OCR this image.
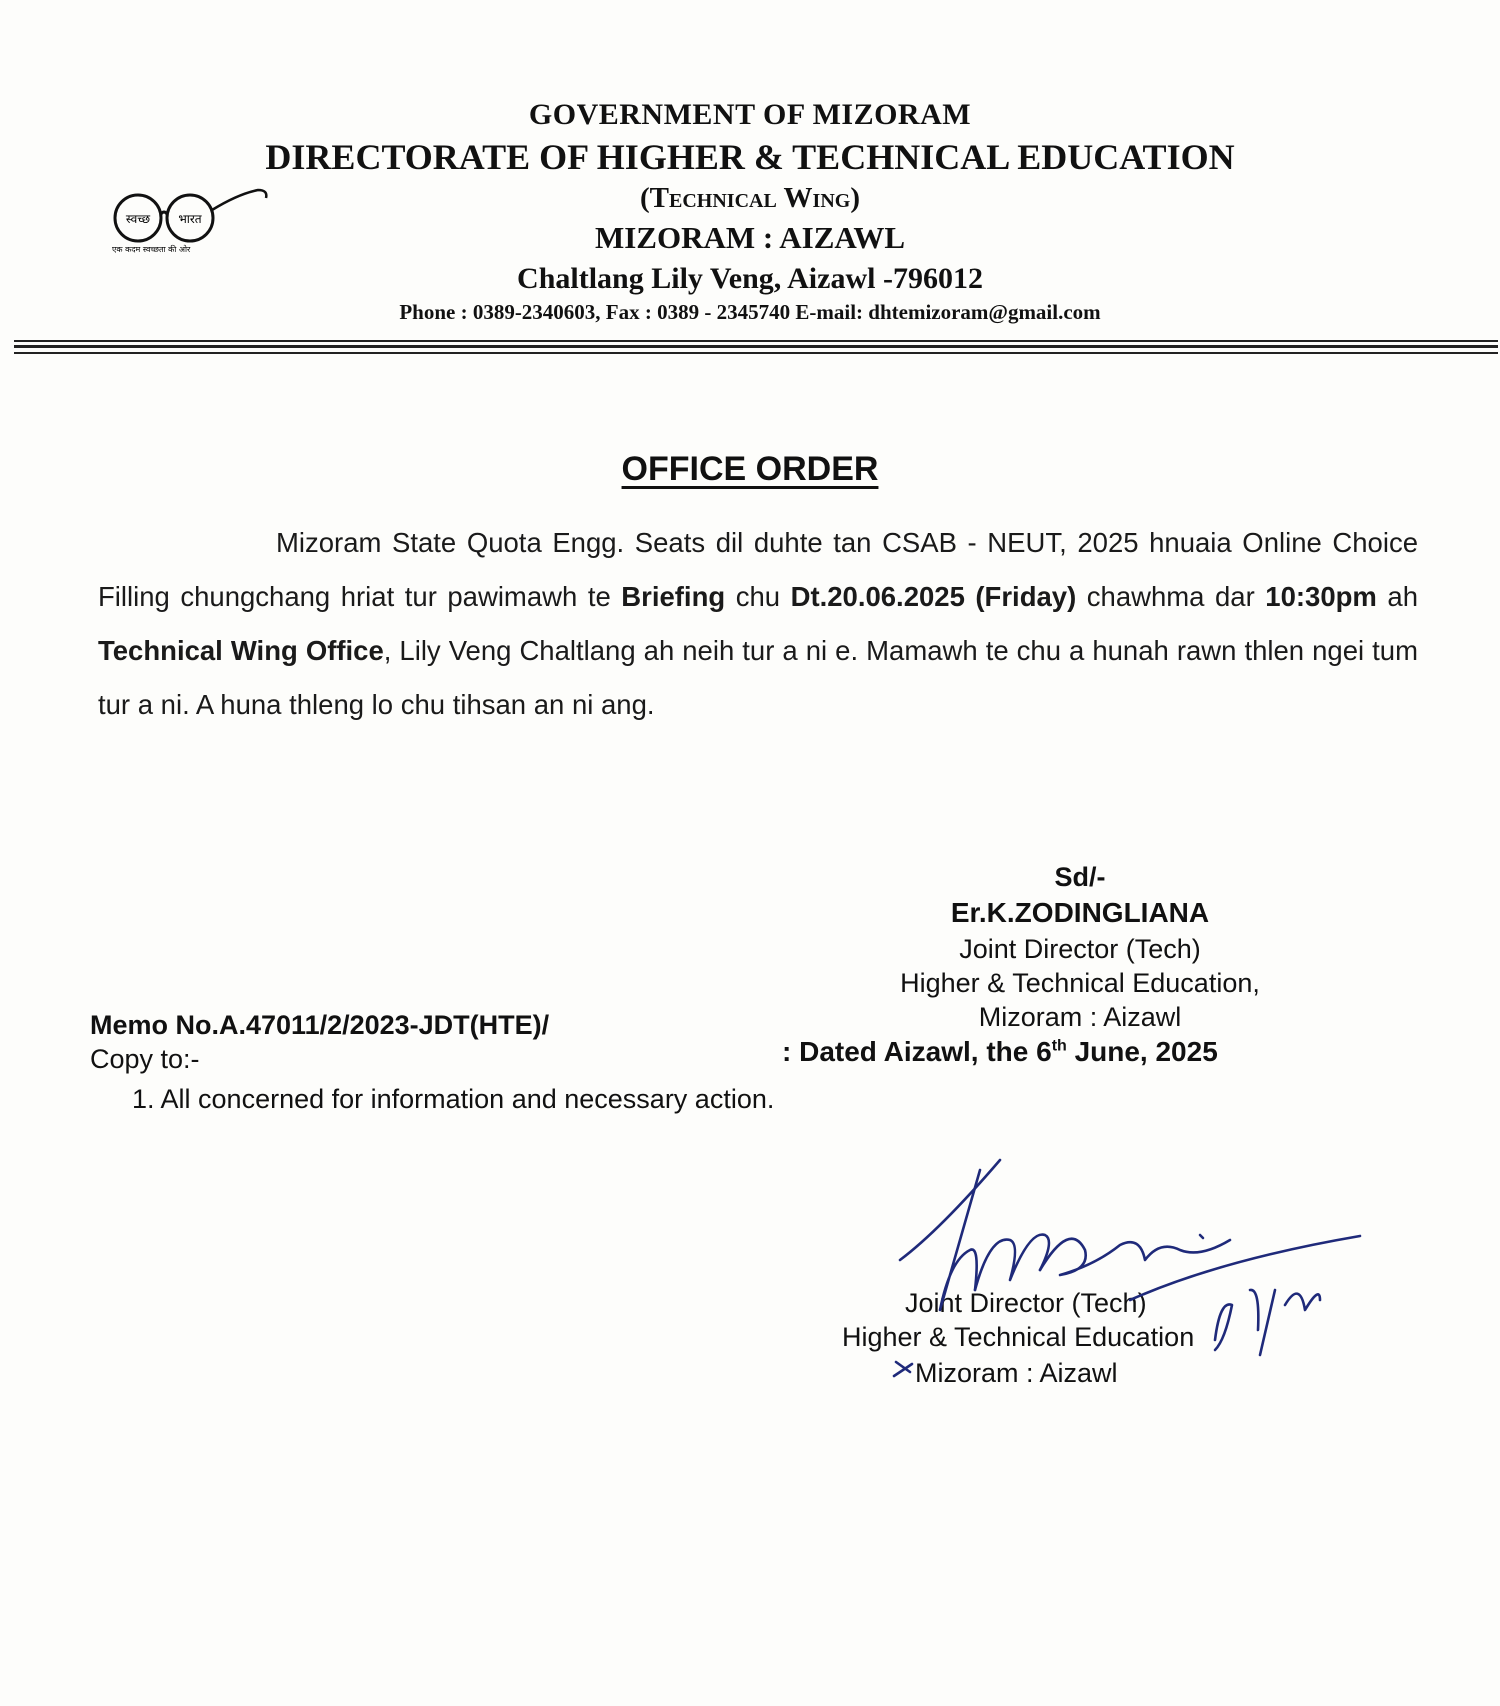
GOVERNMENT OF MIZORAM
DIRECTORATE OF HIGHER & TECHNICAL EDUCATION
(Technical Wing)
MIZORAM : AIZAWL
Chaltlang Lily Veng, Aizawl -796012
Phone : 0389-2340603, Fax : 0389 - 2345740 E-mail: dhtemizoram@gmail.com
स्वच्छ भारत
एक कदम स्वच्छता की ओर
OFFICE ORDER
Mizoram State Quota Engg. Seats dil duhte tan CSAB - NEUT, 2025 hnuaia Online Choice Filling chungchang hriat tur pawimawh te Briefing chu Dt.20.06.2025 (Friday) chawhma dar 10:30pm ah Technical Wing Office, Lily Veng Chaltlang ah neih tur a ni e. Mamawh te chu a hunah rawn thlen ngei tum tur a ni. A huna thleng lo chu tihsan an ni ang.
Sd/-
Er.K.ZODINGLIANA
Joint Director (Tech)
Higher & Technical Education,
Mizoram : Aizawl
Memo No.A.47011/2/2023-JDT(HTE)/
: Dated Aizawl, the 6th June, 2025
Copy to:-
1. All concerned for information and necessary action.
Joint Director (Tech)
Higher & Technical Education
Mizoram : Aizawl
